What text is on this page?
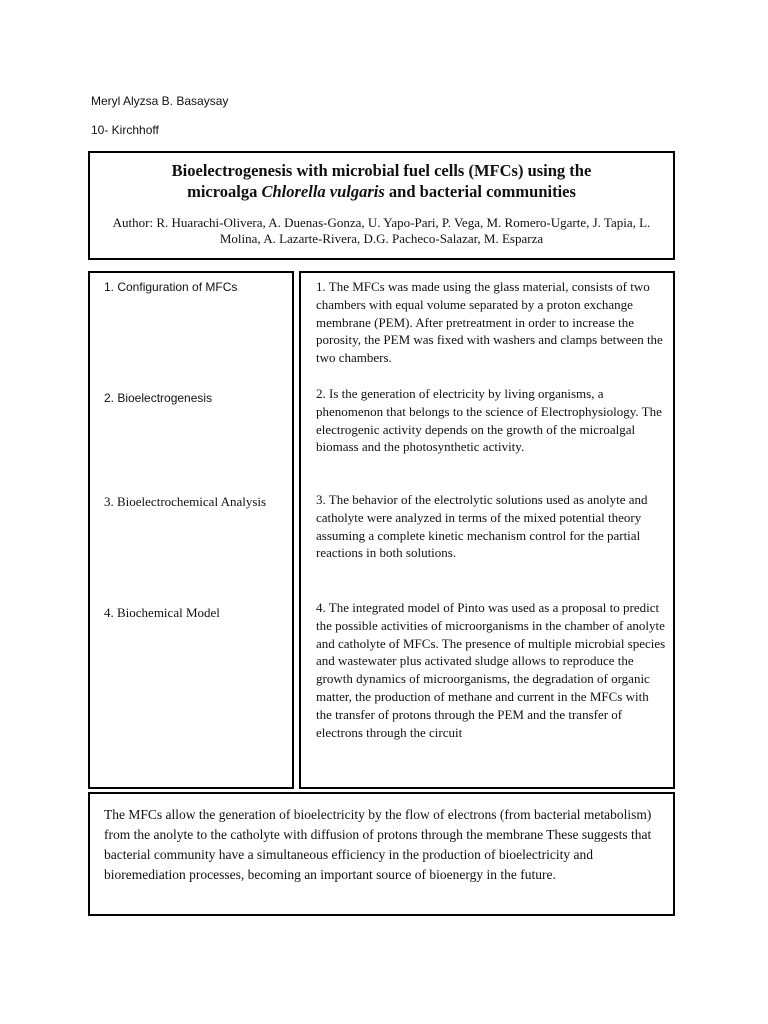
Meryl Alyzsa B. Basaysay
10- Kirchhoff
Bioelectrogenesis with microbial fuel cells (MFCs) using the
microalga Chlorella vulgaris and bacterial communities
Author: R. Huarachi-Olivera, A. Duenas-Gonza, U. Yapo-Pari, P. Vega, M. Romero-Ugarte, J. Tapia, L. Molina, A. Lazarte-Rivera, D.G. Pacheco-Salazar, M. Esparza
1. Configuration of MFCs
2. Bioelectrogenesis
3. Bioelectrochemical Analysis
4. Biochemical Model
1. The MFCs was made using the glass material, consists of two chambers with equal volume separated by a proton exchange membrane (PEM). After pretreatment in order to increase the porosity, the PEM was fixed with washers and clamps between the two chambers.
2. Is the generation of electricity by living organisms, a phenomenon that belongs to the science of Electrophysiology. The electrogenic activity depends on the growth of the microalgal biomass and the photosynthetic activity.
3. The behavior of the electrolytic solutions used as anolyte and catholyte were analyzed in terms of the mixed potential theory assuming a complete kinetic mechanism control for the partial reactions in both solutions.
4. The integrated model of Pinto was used as a proposal to predict the possible activities of microorganisms in the chamber of anolyte and catholyte of MFCs. The presence of multiple microbial species and wastewater plus activated sludge allows to reproduce the growth dynamics of microorganisms, the degradation of organic matter, the production of methane and current in the MFCs with the transfer of protons through the PEM and the transfer of electrons through the circuit
The MFCs allow the generation of bioelectricity by the flow of electrons (from bacterial metabolism) from the anolyte to the catholyte with diffusion of protons through the membrane These suggests that bacterial community have a simultaneous efficiency in the production of bioelectricity and bioremediation processes, becoming an important source of bioenergy in the future.
